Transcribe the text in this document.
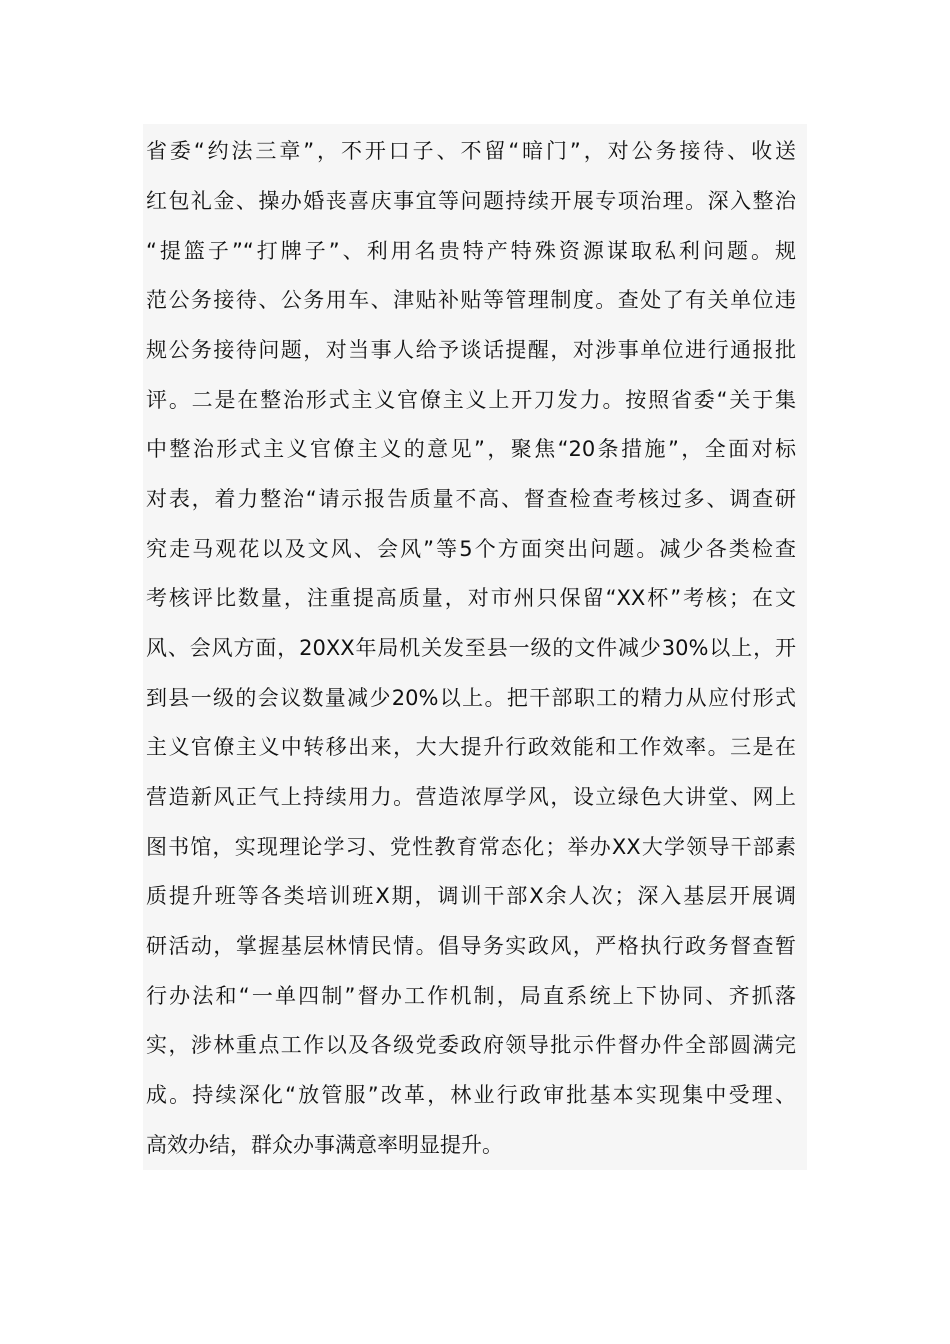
省委“约法三章”，不开口子、不留“暗门”，对公务接待、收送
红包礼金、操办婚丧喜庆事宜等问题持续开展专项治理。深入整治
“提篮子”“打牌子”、利用名贵特产特殊资源谋取私利问题。规
范公务接待、公务用车、津贴补贴等管理制度。查处了有关单位违
规公务接待问题，对当事人给予谈话提醒，对涉事单位进行通报批
评。二是在整治形式主义官僚主义上开刀发力。按照省委“关于集
中整治形式主义官僚主义的意见”，聚焦“20条措施”，全面对标
对表，着力整治“请示报告质量不高、督查检查考核过多、调查研
究走马观花以及文风、会风”等5个方面突出问题。减少各类检查
考核评比数量，注重提高质量，对市州只保留“XX杯”考核；在文
风、会风方面，20XX年局机关发至县一级的文件减少30%以上，开
到县一级的会议数量减少20%以上。把干部职工的精力从应付形式
主义官僚主义中转移出来，大大提升行政效能和工作效率。三是在
营造新风正气上持续用力。营造浓厚学风，设立绿色大讲堂、网上
图书馆，实现理论学习、党性教育常态化；举办XX大学领导干部素
质提升班等各类培训班X期，调训干部X余人次；深入基层开展调
研活动，掌握基层林情民情。倡导务实政风，严格执行政务督查暂
行办法和“一单四制”督办工作机制，局直系统上下协同、齐抓落
实，涉林重点工作以及各级党委政府领导批示件督办件全部圆满完
成。持续深化“放管服”改革，林业行政审批基本实现集中受理、
高效办结，群众办事满意率明显提升。
